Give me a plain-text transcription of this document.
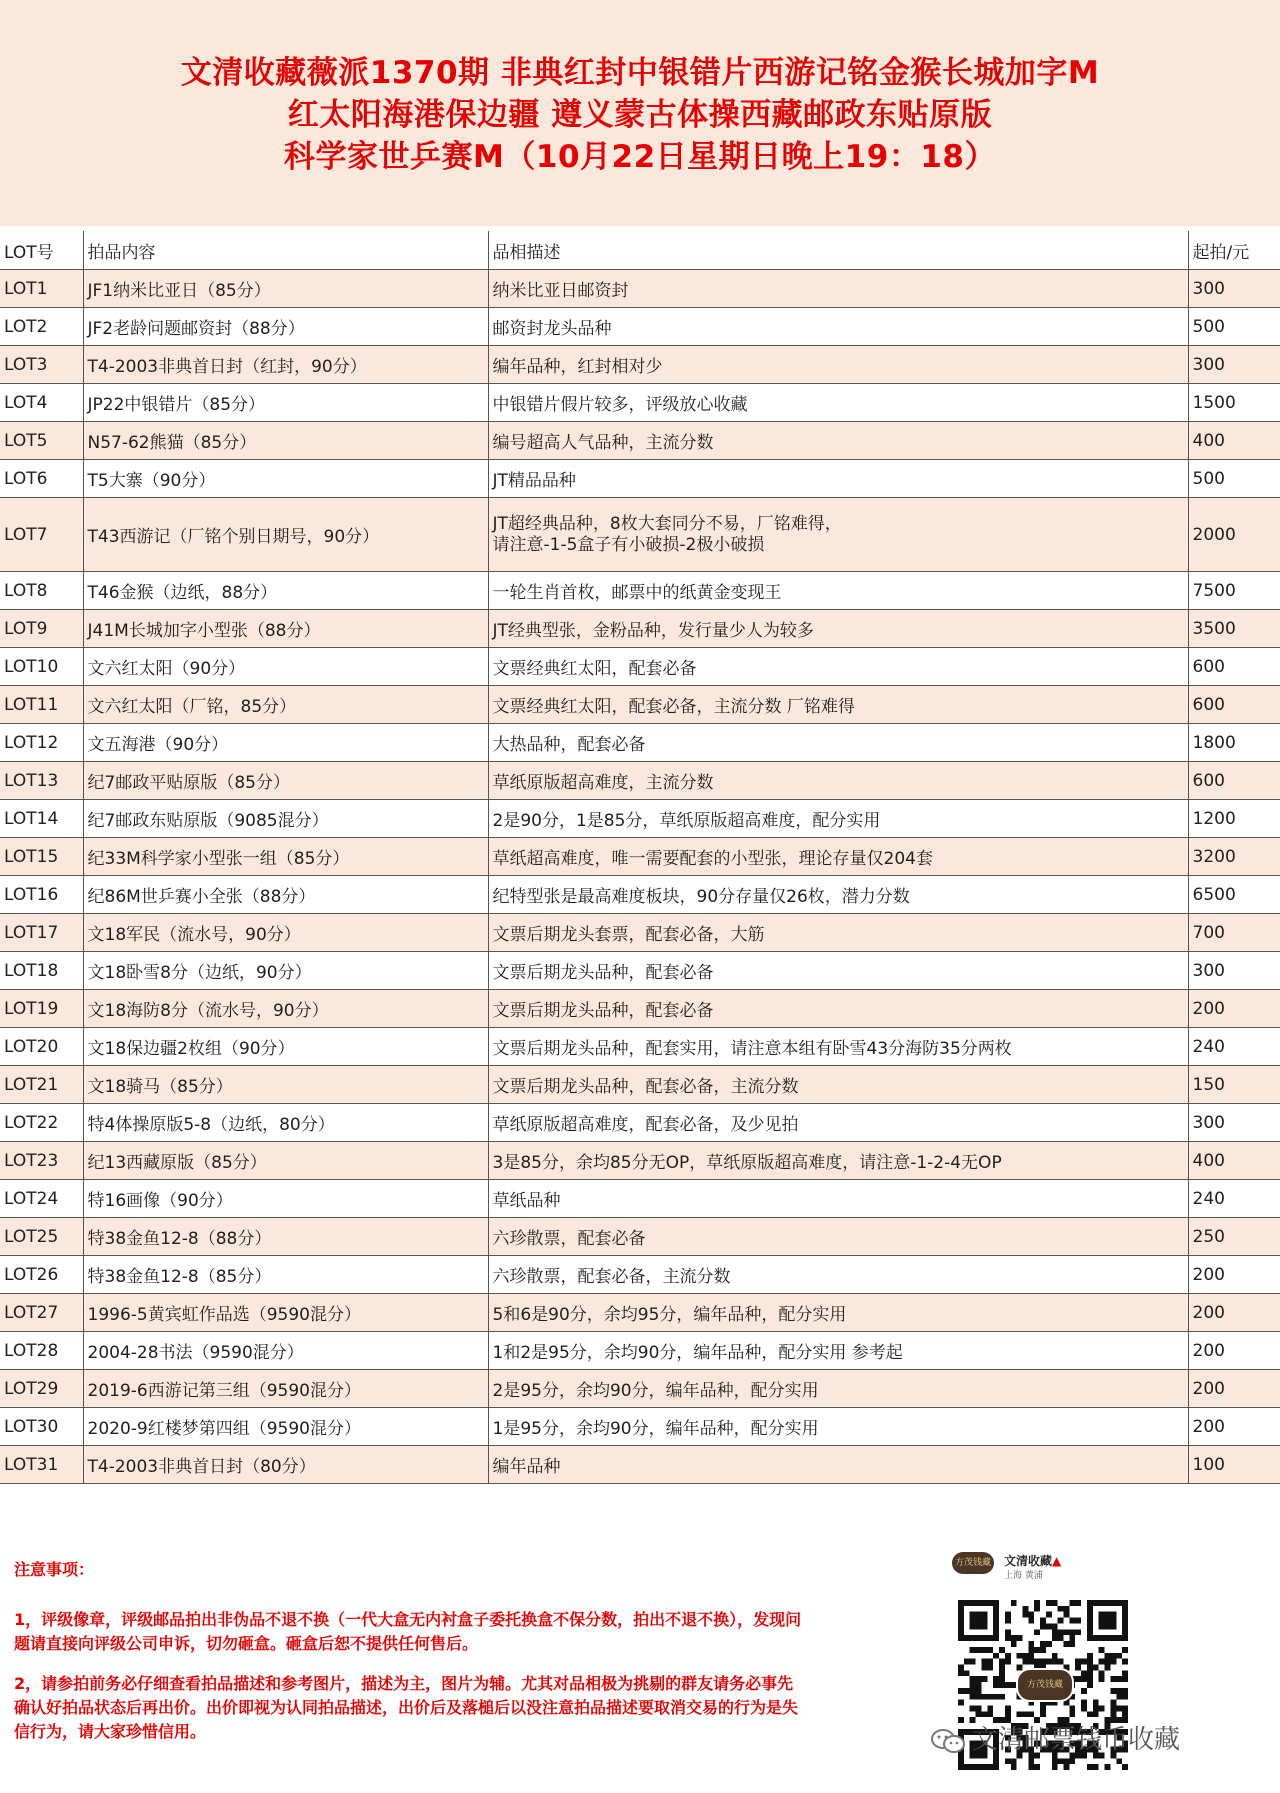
文清收藏薇派1370期 非典红封中银错片西游记铭金猴长城加字M
红太阳海港保边疆 遵义蒙古体操西藏邮政东贴原版
科学家世乒赛M（10月22日星期日晚上19：18）
LOT号	拍品内容	品相描述	起拍/元
LOT1	JF1纳米比亚日（85分）	纳米比亚日邮资封	300
LOT2	JF2老龄问题邮资封（88分）	邮资封龙头品种	500
LOT3	T4-2003非典首日封（红封，90分）	编年品种，红封相对少	300
LOT4	JP22中银错片（85分）	中银错片假片较多，评级放心收藏	1500
LOT5	N57-62熊猫（85分）	编号超高人气品种，主流分数	400
LOT6	T5大寨（90分）	JT精品品种	500
LOT7	T43西游记（厂铭个别日期号，90分）	JT超经典品种，8枚大套同分不易，厂铭难得，
请注意-1-5盒子有小破损-2极小破损	2000
LOT8	T46金猴（边纸，88分）	一轮生肖首枚，邮票中的纸黄金变现王	7500
LOT9	J41M长城加字小型张（88分）	JT经典型张，金粉品种，发行量少人为较多	3500
LOT10	文六红太阳（90分）	文票经典红太阳，配套必备	600
LOT11	文六红太阳（厂铭，85分）	文票经典红太阳，配套必备，主流分数 厂铭难得	600
LOT12	文五海港（90分）	大热品种，配套必备	1800
LOT13	纪7邮政平贴原版（85分）	草纸原版超高难度，主流分数	600
LOT14	纪7邮政东贴原版（9085混分）	2是90分，1是85分，草纸原版超高难度，配分实用	1200
LOT15	纪33M科学家小型张一组（85分）	草纸超高难度，唯一需要配套的小型张，理论存量仅204套	3200
LOT16	纪86M世乒赛小全张（88分）	纪特型张是最高难度板块，90分存量仅26枚，潜力分数	6500
LOT17	文18军民（流水号，90分）	文票后期龙头套票，配套必备，大筋	700
LOT18	文18卧雪8分（边纸，90分）	文票后期龙头品种，配套必备	300
LOT19	文18海防8分（流水号，90分）	文票后期龙头品种，配套必备	200
LOT20	文18保边疆2枚组（90分）	文票后期龙头品种，配套实用，请注意本组有卧雪43分海防35分两枚	240
LOT21	文18骑马（85分）	文票后期龙头品种，配套必备，主流分数	150
LOT22	特4体操原版5-8（边纸，80分）	草纸原版超高难度，配套必备，及少见拍	300
LOT23	纪13西藏原版（85分）	3是85分，余均85分无OP，草纸原版超高难度，请注意-1-2-4无OP	400
LOT24	特16画像（90分）	草纸品种	240
LOT25	特38金鱼12-8（88分）	六珍散票，配套必备	250
LOT26	特38金鱼12-8（85分）	六珍散票，配套必备，主流分数	200
LOT27	1996-5黄宾虹作品选（9590混分）	5和6是90分，余均95分，编年品种，配分实用	200
LOT28	2004-28书法（9590混分）	1和2是95分，余均90分，编年品种，配分实用 参考起	200
LOT29	2019-6西游记第三组（9590混分）	2是95分，余均90分，编年品种，配分实用	200
LOT30	2020-9红楼梦第四组（9590混分）	1是95分，余均90分，编年品种，配分实用	200
LOT31	T4-2003非典首日封（80分）	编年品种	100

注意事项：

1，评级像章，评级邮品拍出非伪品不退不换（一代大盒无内衬盒子委托换盒不保分数，拍出不退不换），发现问题请直接向评级公司申诉，切勿砸盒。砸盒后恕不提供任何售后。

2，请参拍前务必仔细查看拍品描述和参考图片，描述为主，图片为辅。尤其对品相极为挑剔的群友请务必事先确认好拍品状态后再出价。出价即视为认同拍品描述，出价后及落槌后以没注意拍品描述要取消交易的行为是失信行为，请大家珍惜信用。

方茂钱藏 文清收藏▲
上海 黄浦
方茂钱藏
文清邮票钱币收藏
